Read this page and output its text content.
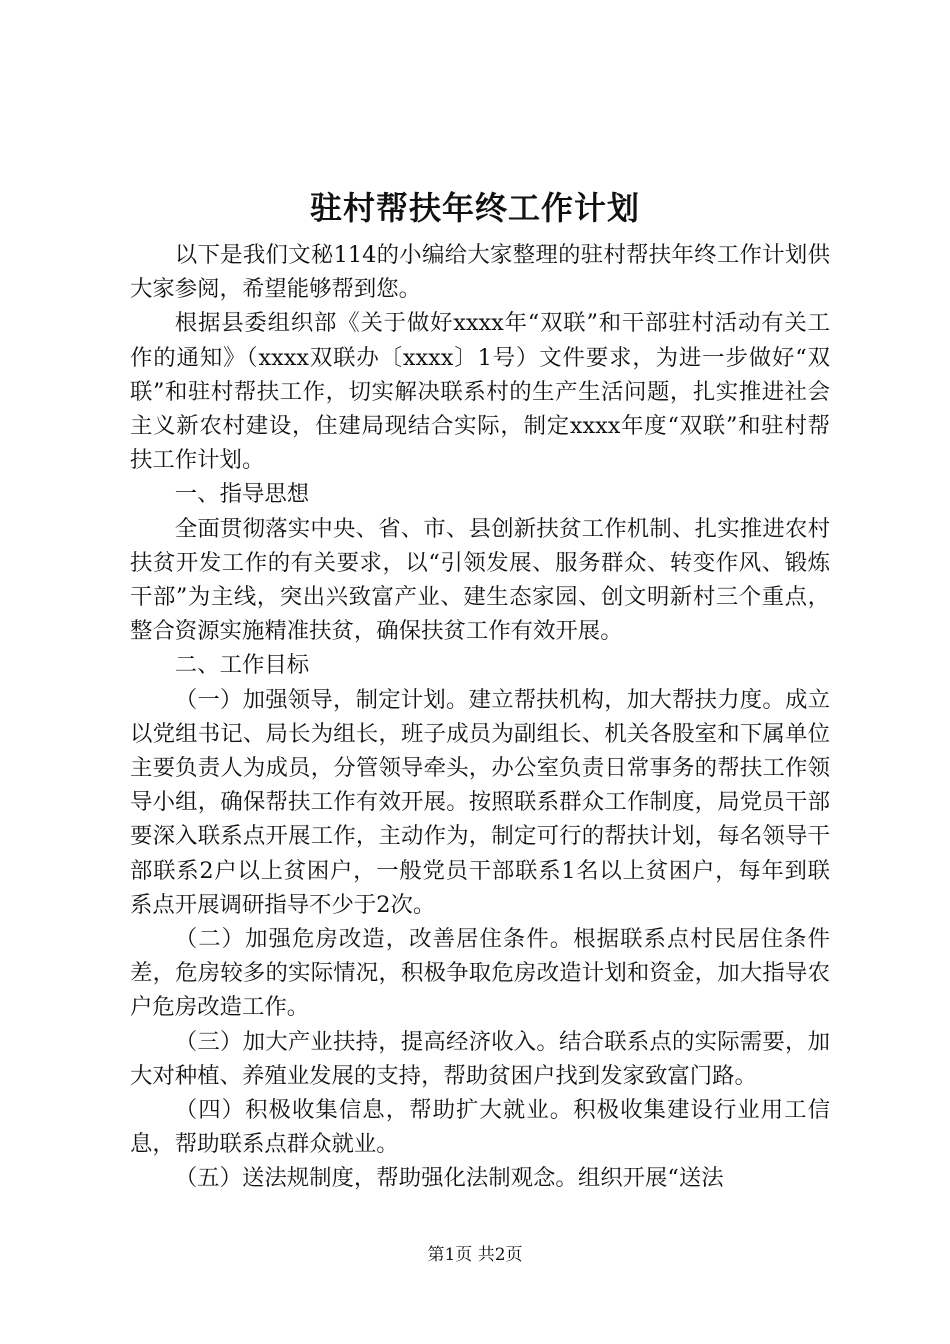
驻村帮扶年终工作计划

以下是我们文秘114的小编给大家整理的驻村帮扶年终工作计划供大家参阅，希望能够帮到您。

根据县委组织部《关于做好xxxx年“双联”和干部驻村活动有关工作的通知》（xxxx双联办〔xxxx〕1号）文件要求，为进一步做好“双联”和驻村帮扶工作，切实解决联系村的生产生活问题，扎实推进社会主义新农村建设，住建局现结合实际，制定xxxx年度“双联”和驻村帮扶工作计划。

一、指导思想

全面贯彻落实中央、省、市、县创新扶贫工作机制、扎实推进农村扶贫开发工作的有关要求，以“引领发展、服务群众、转变作风、锻炼干部”为主线，突出兴致富产业、建生态家园、创文明新村三个重点，整合资源实施精准扶贫，确保扶贫工作有效开展。

二、工作目标

（一）加强领导，制定计划。建立帮扶机构，加大帮扶力度。成立以党组书记、局长为组长，班子成员为副组长、机关各股室和下属单位主要负责人为成员，分管领导牵头，办公室负责日常事务的帮扶工作领导小组，确保帮扶工作有效开展。按照联系群众工作制度，局党员干部要深入联系点开展工作，主动作为，制定可行的帮扶计划，每名领导干部联系2户以上贫困户，一般党员干部联系1名以上贫困户，每年到联系点开展调研指导不少于2次。

（二）加强危房改造，改善居住条件。根据联系点村民居住条件差，危房较多的实际情况，积极争取危房改造计划和资金，加大指导农户危房改造工作。

（三）加大产业扶持，提高经济收入。结合联系点的实际需要，加大对种植、养殖业发展的支持，帮助贫困户找到发家致富门路。

（四）积极收集信息，帮助扩大就业。积极收集建设行业用工信息，帮助联系点群众就业。

（五）送法规制度，帮助强化法制观念。组织开展“送法

第1页 共2页
